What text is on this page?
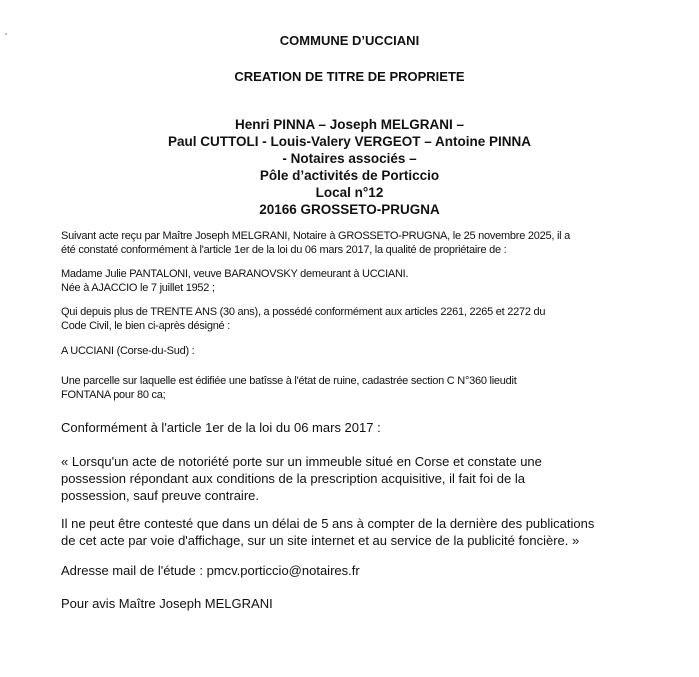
COMMUNE D’UCCIANI
CREATION DE TITRE DE PROPRIETE
Henri PINNA – Joseph MELGRANI –
Paul CUTTOLI - Louis-Valery VERGEOT – Antoine PINNA
- Notaires associés –
Pôle d’activités de Porticcio
Local n°12
20166 GROSSETO-PRUGNA

Suivant acte reçu par Maître Joseph MELGRANI, Notaire à GROSSETO-PRUGNA, le 25 novembre 2025, il a

été constaté conformément à l'article 1er de la loi du 06 mars 2017, la qualité de propriétaire de :

Madame Julie PANTALONI, veuve BARANOVSKY demeurant à UCCIANI.

Née à AJACCIO le 7 juillet 1952 ;

Qui depuis plus de TRENTE ANS (30 ans), a possédé conformément aux articles 2261, 2265 et 2272 du

Code Civil, le bien ci-après désigné :

A UCCIANI (Corse-du-Sud) :

Une parcelle sur laquelle est édifiée une batîsse à l'état de ruine, cadastrée section C N°360 lieudit

FONTANA pour 80 ca;

Conformément à l'article 1er de la loi du 06 mars 2017 :

« Lorsqu'un acte de notoriété porte sur un immeuble situé en Corse et constate une

possession répondant aux conditions de la prescription acquisitive, il fait foi de la

possession, sauf preuve contraire.

Il ne peut être contesté que dans un délai de 5 ans à compter de la dernière des publications

de cet acte par voie d'affichage, sur un site internet et au service de la publicité foncière. »

Adresse mail de l'étude : pmcv.porticcio@notaires.fr

Pour avis Maître Joseph MELGRANI
